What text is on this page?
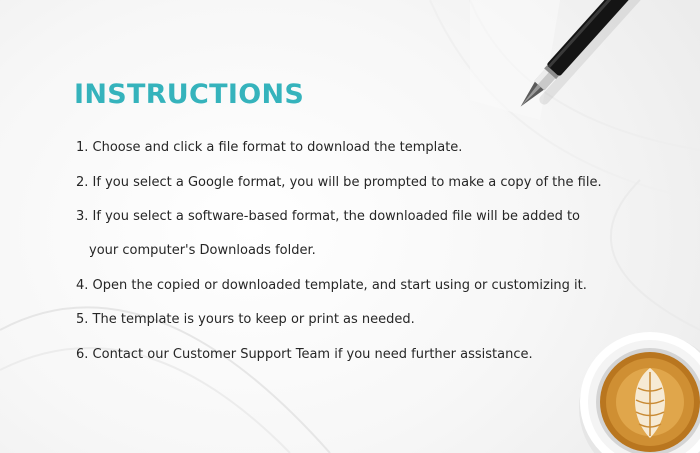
INSTRUCTIONS
1. Choose and click a file format to download the template.
2. If you select a Google format, you will be prompted to make a copy of the file.
3. If you select a software-based format, the downloaded file will be added to
your computer's Downloads folder.
4. Open the copied or downloaded template, and start using or customizing it.
5. The template is yours to keep or print as needed.
6. Contact our Customer Support Team if you need further assistance.
